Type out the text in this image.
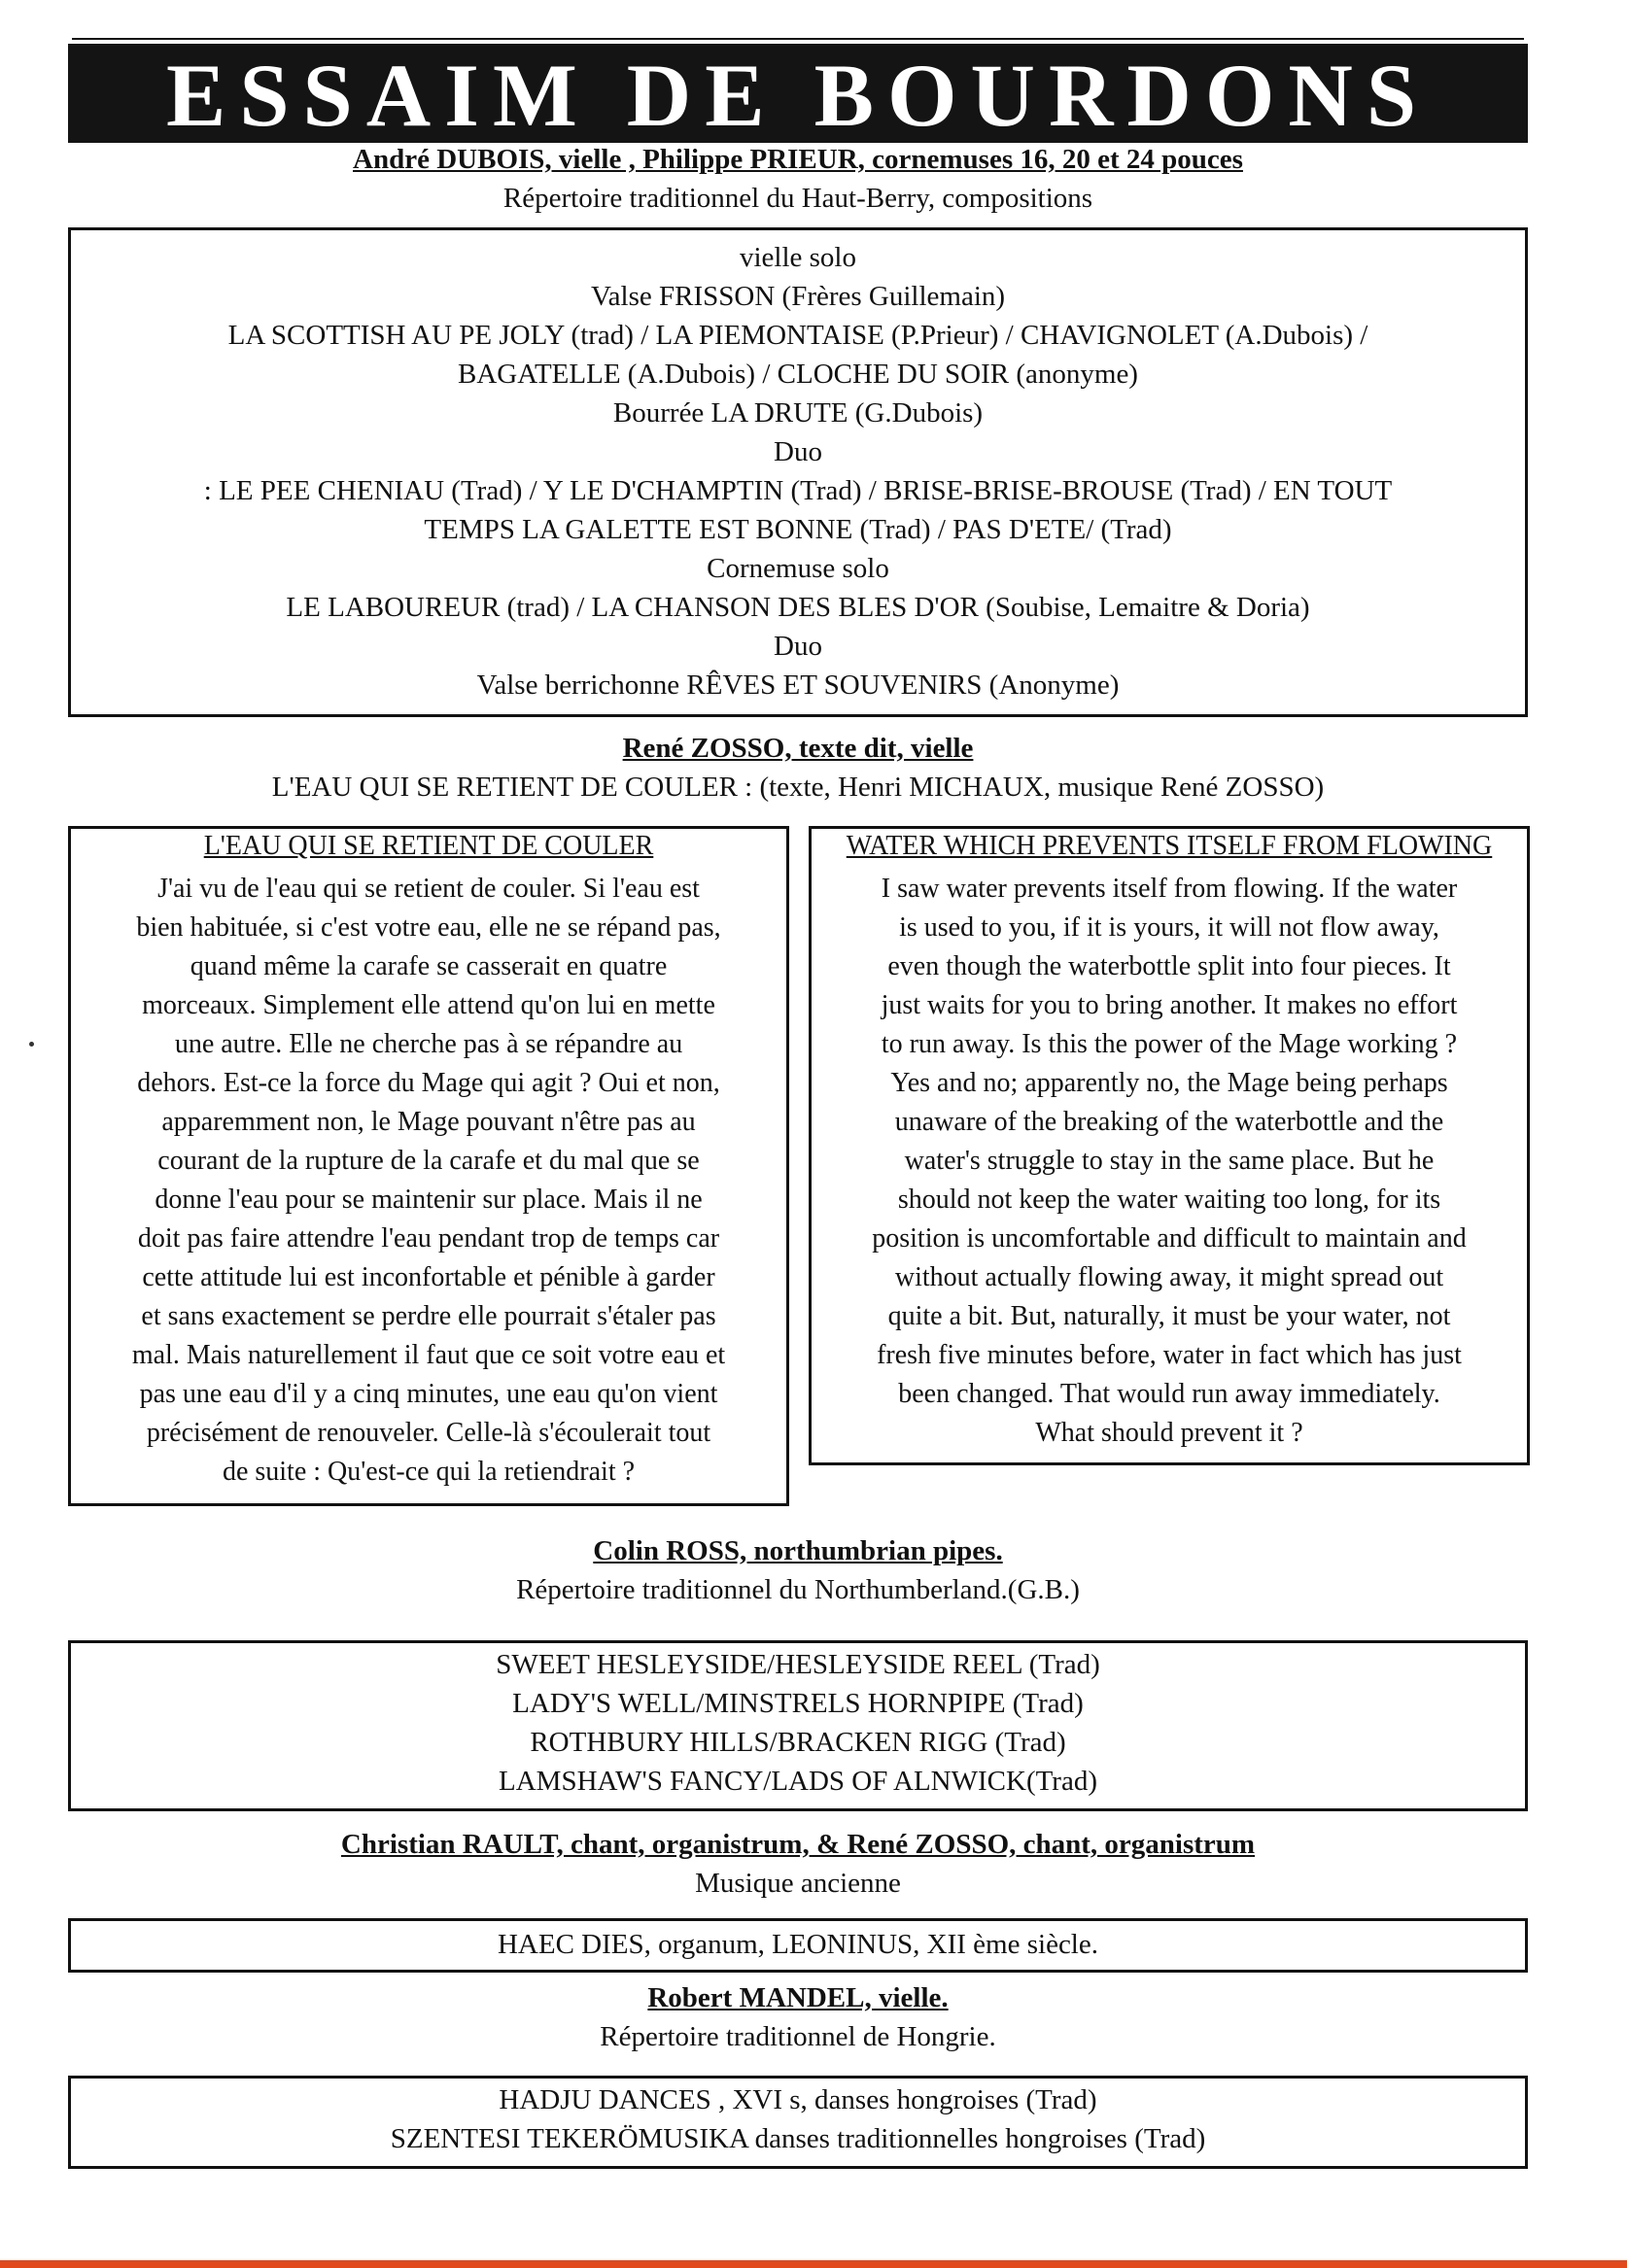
ESSAIM DE BOURDONS
André DUBOIS, vielle , Philippe PRIEUR, cornemuses 16, 20 et 24 pouces
Répertoire traditionnel du Haut-Berry, compositions
vielle solo
Valse FRISSON (Frères Guillemain)
LA SCOTTISH AU PE JOLY (trad) / LA PIEMONTAISE (P.Prieur) / CHAVIGNOLET (A.Dubois) /
BAGATELLE (A.Dubois) / CLOCHE DU SOIR (anonyme)
Bourrée LA DRUTE (G.Dubois)
Duo
: LE PEE CHENIAU (Trad) / Y LE D'CHAMPTIN (Trad) / BRISE-BRISE-BROUSE (Trad) / EN TOUT
TEMPS LA GALETTE EST BONNE (Trad) / PAS D'ETE/ (Trad)
Cornemuse solo
LE LABOUREUR (trad) / LA CHANSON DES BLES D'OR (Soubise, Lemaitre & Doria)
Duo
Valse berrichonne RÊVES ET SOUVENIRS (Anonyme)
René ZOSSO, texte dit, vielle
L'EAU QUI SE RETIENT DE COULER : (texte, Henri MICHAUX, musique René ZOSSO)
L'EAU QUI SE RETIENT DE COULER
J'ai vu de l'eau qui se retient de couler. Si l'eau est
bien habituée, si c'est votre eau, elle ne se répand pas,
quand même la carafe se casserait en quatre
morceaux. Simplement elle attend qu'on lui en mette
une autre. Elle ne cherche pas à se répandre au
dehors. Est-ce la force du Mage qui agit ? Oui et non,
apparemment non, le Mage pouvant n'être pas au
courant de la rupture de la carafe et du mal que se
donne l'eau pour se maintenir sur place. Mais il ne
doit pas faire attendre l'eau pendant trop de temps car
cette attitude lui est inconfortable et pénible à garder
et sans exactement se perdre elle pourrait s'étaler pas
mal. Mais naturellement il faut que ce soit votre eau et
pas une eau d'il y a cinq minutes, une eau qu'on vient
précisément de renouveler. Celle-là s'écoulerait tout
de suite : Qu'est-ce qui la retiendrait ?
WATER WHICH PREVENTS ITSELF FROM FLOWING
I saw water prevents itself from flowing. If the water
is used to you, if it is yours, it will not flow away,
even though the waterbottle split into four pieces. It
just waits for you to bring another. It makes no effort
to run away. Is this the power of the Mage working ?
Yes and no; apparently no, the Mage being perhaps
unaware of the breaking of the waterbottle and the
water's struggle to stay in the same place. But he
should not keep the water waiting too long, for its
position is uncomfortable and difficult to maintain and
without actually flowing away, it might spread out
quite a bit. But, naturally, it must be your water, not
fresh five minutes before, water in fact which has just
been changed. That would run away immediately.
What should prevent it ?
Colin ROSS, northumbrian pipes.
Répertoire traditionnel du Northumberland.(G.B.)
SWEET HESLEYSIDE/HESLEYSIDE REEL (Trad)
LADY'S WELL/MINSTRELS HORNPIPE (Trad)
ROTHBURY HILLS/BRACKEN RIGG (Trad)
LAMSHAW'S FANCY/LADS OF ALNWICK(Trad)
Christian RAULT, chant, organistrum, & René ZOSSO, chant, organistrum
Musique ancienne
HAEC DIES, organum, LEONINUS, XII ème siècle.
Robert MANDEL, vielle.
Répertoire traditionnel de Hongrie.
HADJU DANCES , XVI s, danses hongroises (Trad)
SZENTESI TEKERÖMUSIKA danses traditionnelles hongroises (Trad)
